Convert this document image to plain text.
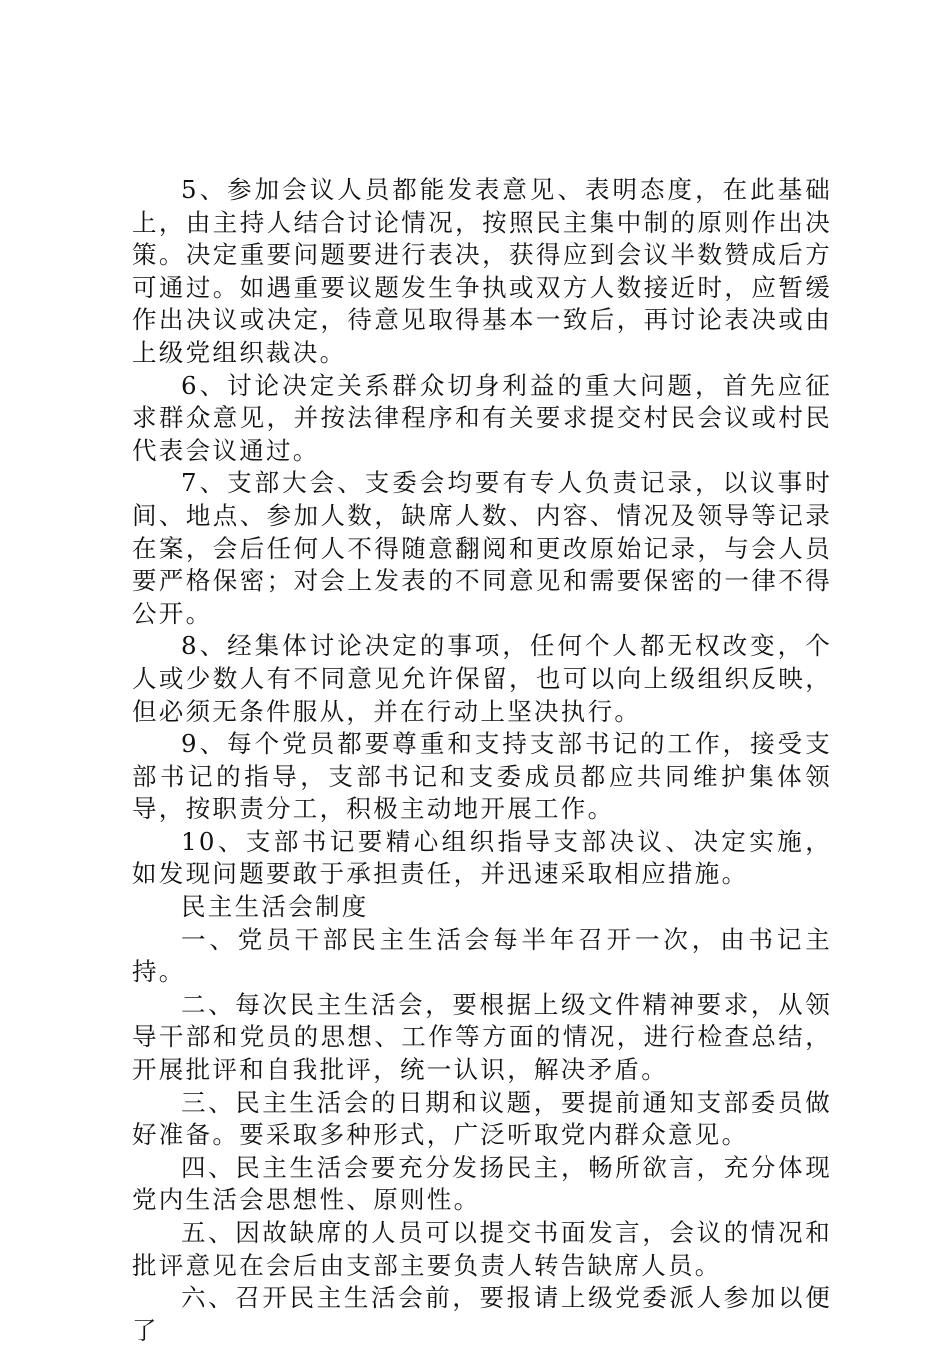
5、参加会议人员都能发表意见、表明态度，在此基础上，由主持人结合讨论情况，按照民主集中制的原则作出决策。决定重要问题要进行表决，获得应到会议半数赞成后方可通过。如遇重要议题发生争执或双方人数接近时，应暂缓作出决议或决定，待意见取得基本一致后，再讨论表决或由上级党组织裁决。

6、讨论决定关系群众切身利益的重大问题，首先应征求群众意见，并按法律程序和有关要求提交村民会议或村民代表会议通过。

7、支部大会、支委会均要有专人负责记录，以议事时间、地点、参加人数，缺席人数、内容、情况及领导等记录在案，会后任何人不得随意翻阅和更改原始记录，与会人员要严格保密；对会上发表的不同意见和需要保密的一律不得公开。

8、经集体讨论决定的事项，任何个人都无权改变，个人或少数人有不同意见允许保留，也可以向上级组织反映，但必须无条件服从，并在行动上坚决执行。

9、每个党员都要尊重和支持支部书记的工作，接受支部书记的指导，支部书记和支委成员都应共同维护集体领导，按职责分工，积极主动地开展工作。

10、支部书记要精心组织指导支部决议、决定实施，如发现问题要敢于承担责任，并迅速采取相应措施。

民主生活会制度

一、党员干部民主生活会每半年召开一次，由书记主持。

二、每次民主生活会，要根据上级文件精神要求，从领导干部和党员的思想、工作等方面的情况，进行检查总结，开展批评和自我批评，统一认识，解决矛盾。

三、民主生活会的日期和议题，要提前通知支部委员做好准备。要采取多种形式，广泛听取党内群众意见。

四、民主生活会要充分发扬民主，畅所欲言，充分体现党内生活会思想性、原则性。

五、因故缺席的人员可以提交书面发言，会议的情况和批评意见在会后由支部主要负责人转告缺席人员。

六、召开民主生活会前，要报请上级党委派人参加以便了
